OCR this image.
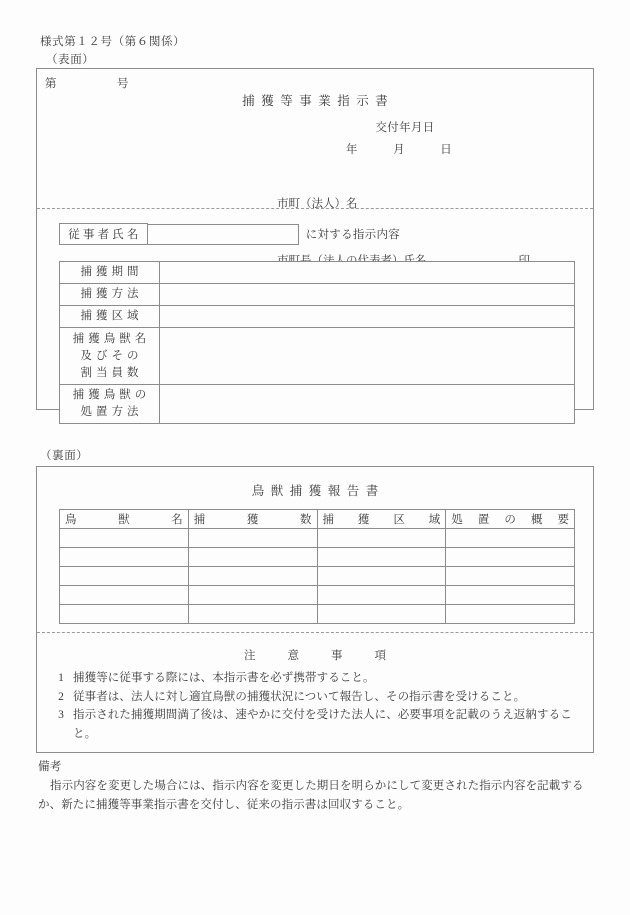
様式第１２号（第６関係）
（表面）
第　　　　　号
捕獲等事業指示書
交付年月日
年　　　月　　　日

市町（法人）名

従事者氏名	に対する指示内容
捕獲期間	

捕獲方法	

捕獲区域	

捕獲鳥獣名
及びその
割当員数	

捕獲鳥獣の
処置方法	

（裏面）
鳥獣捕獲報告書
鳥 獣 名	捕 獲 数	捕 獲 区 域	処 置 の 概 要

注意事項
1 捕獲等に従事する際には、本指示書を必ず携帯すること。
2 従事者は、法人に対し適宜鳥獣の捕獲状況について報告し、その指示書を受けること。
3 指示された捕獲期間満了後は、速やかに交付を受けた法人に、必要事項を記載のうえ返納すること。
備考
指示内容を変更した場合には、指示内容を変更した期日を明らかにして変更された指示内容を記載するか、新たに捕獲等事業指示書を交付し、従来の指示書は回収すること。
